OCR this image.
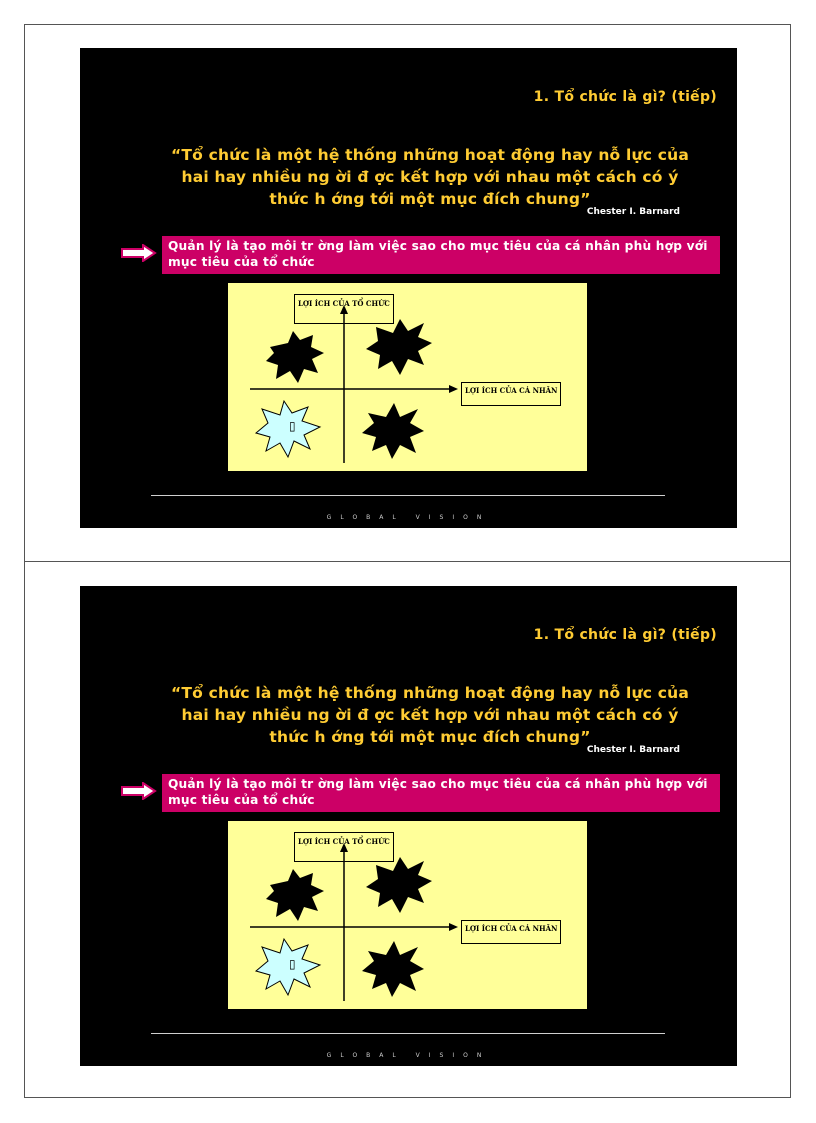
1. Tổ chức là gì? (tiếp)
“Tổ chức là một hệ thống những hoạt động hay nỗ lực của hai hay nhiều ng ời đ ợc kết hợp với nhau một cách có ý thức h ớng tới một mục đích chung”
Chester I. Barnard
Quản lý là tạo môi tr ờng làm việc sao cho mục tiêu của cá nhân phù hợp với mục tiêu của tổ chức
▯
LỢI ÍCH CỦA TỔ CHỨC
LỢI ÍCH CỦA CÁ NHÂN
GLOBAL VISION
1. Tổ chức là gì? (tiếp)
“Tổ chức là một hệ thống những hoạt động hay nỗ lực của hai hay nhiều ng ời đ ợc kết hợp với nhau một cách có ý thức h ớng tới một mục đích chung”
Chester I. Barnard
Quản lý là tạo môi tr ờng làm việc sao cho mục tiêu của cá nhân phù hợp với mục tiêu của tổ chức
▯
LỢI ÍCH CỦA TỔ CHỨC
LỢI ÍCH CỦA CÁ NHÂN
GLOBAL VISION
